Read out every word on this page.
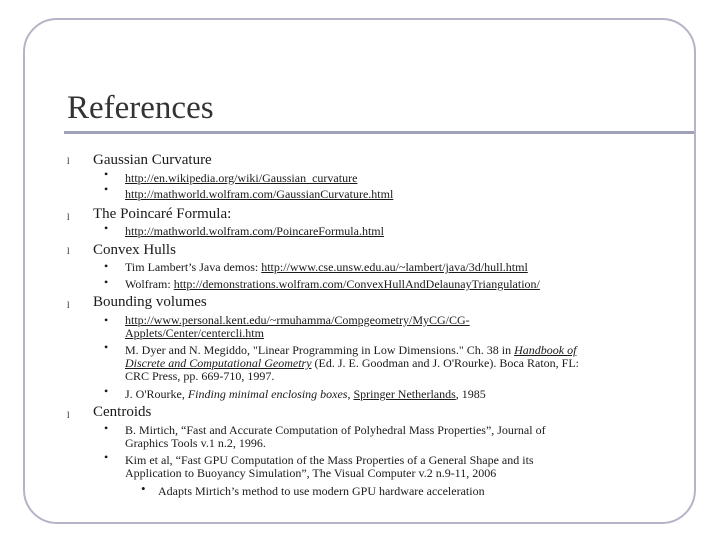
References
l Gaussian Curvature
• http://en.wikipedia.org/wiki/Gaussian_curvature
• http://mathworld.wolfram.com/GaussianCurvature.html
l The Poincaré Formula:
• http://mathworld.wolfram.com/PoincareFormula.html
l Convex Hulls
• Tim Lambert’s Java demos: http://www.cse.unsw.edu.au/~lambert/java/3d/hull.html
• Wolfram: http://demonstrations.wolfram.com/ConvexHullAndDelaunayTriangulation/
l Bounding volumes
• http://www.personal.kent.edu/~rmuhamma/Compgeometry/MyCG/CG-
Applets/Center/centercli.htm
• M. Dyer and N. Megiddo, "Linear Programming in Low Dimensions." Ch. 38 in Handbook of
Discrete and Computational Geometry (Ed. J. E. Goodman and J. O'Rourke). Boca Raton, FL:
CRC Press, pp. 669-710, 1997.
• J. O'Rourke, Finding minimal enclosing boxes, Springer Netherlands, 1985
l Centroids
• B. Mirtich, “Fast and Accurate Computation of Polyhedral Mass Properties”, Journal of
Graphics Tools v.1 n.2, 1996.
• Kim et al, “Fast GPU Computation of the Mass Properties of a General Shape and its
Application to Buoyancy Simulation”, The Visual Computer v.2 n.9-11, 2006
• Adapts Mirtich’s method to use modern GPU hardware acceleration
